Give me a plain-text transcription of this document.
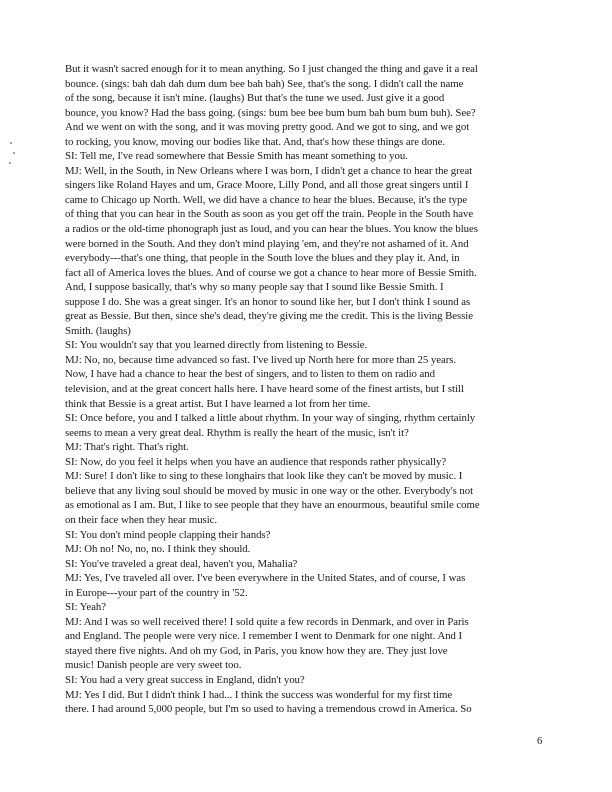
But it wasn't sacred enough for it to mean anything. So I just changed the thing and gave it a real
bounce. (sings: bah dah dah dum dum bee bah bah) See, that's the song. I didn't call the name
of the song, because it isn't mine. (laughs) But that's the tune we used. Just give it a good
bounce, you know? Had the bass going. (sings: bum bee bee bum bum bah bum bum buh). See?
And we went on with the song, and it was moving pretty good. And we got to sing, and we got
to rocking, you know, moving our bodies like that. And, that's how these things are done.
SI: Tell me, I've read somewhere that Bessie Smith has meant something to you.
MJ: Well, in the South, in New Orleans where I was born, I didn't get a chance to hear the great
singers like Roland Hayes and um, Grace Moore, Lilly Pond, and all those great singers until I
came to Chicago up North. Well, we did have a chance to hear the blues. Because, it's the type
of thing that you can hear in the South as soon as you get off the train. People in the South have
a radios or the old-time phonograph just as loud, and you can hear the blues. You know the blues
were borned in the South. And they don't mind playing 'em, and they're not ashamed of it. And
everybody---that's one thing, that people in the South love the blues and they play it. And, in
fact all of America loves the blues. And of course we got a chance to hear more of Bessie Smith.
And, I suppose basically, that's why so many people say that I sound like Bessie Smith. I
suppose I do. She was a great singer. It's an honor to sound like her, but I don't think I sound as
great as Bessie. But then, since she's dead, they're giving me the credit. This is the living Bessie
Smith. (laughs)
SI: You wouldn't say that you learned directly from listening to Bessie.
MJ: No, no, because time advanced so fast. I've lived up North here for more than 25 years.
Now, I have had a chance to hear the best of singers, and to listen to them on radio and
television, and at the great concert halls here. I have heard some of the finest artists, but I still
think that Bessie is a great artist. But I have learned a lot from her time.
SI: Once before, you and I talked a little about rhythm. In your way of singing, rhythm certainly
seems to mean a very great deal. Rhythm is really the heart of the music, isn't it?
MJ: That's right. That's right.
SI: Now, do you feel it helps when you have an audience that responds rather physically?
MJ: Sure! I don't like to sing to these longhairs that look like they can't be moved by music. I
believe that any living soul should be moved by music in one way or the other. Everybody's not
as emotional as I am. But, I like to see people that they have an enourmous, beautiful smile come
on their face when they hear music.
SI: You don't mind people clapping their hands?
MJ: Oh no! No, no, no. I think they should.
SI: You've traveled a great deal, haven't you, Mahalia?
MJ: Yes, I've traveled all over. I've been everywhere in the United States, and of course, I was
in Europe---your part of the country in '52.
SI: Yeah?
MJ: And I was so well received there! I sold quite a few records in Denmark, and over in Paris
and England. The people were very nice. I remember I went to Denmark for one night. And I
stayed there five nights. And oh my God, in Paris, you know how they are. They just love
music! Danish people are very sweet too.
SI: You had a very great success in England, didn't you?
MJ: Yes I did. But I didn't think I had... I think the success was wonderful for my first time
there. I had around 5,000 people, but I'm so used to having a tremendous crowd in America. So
6
